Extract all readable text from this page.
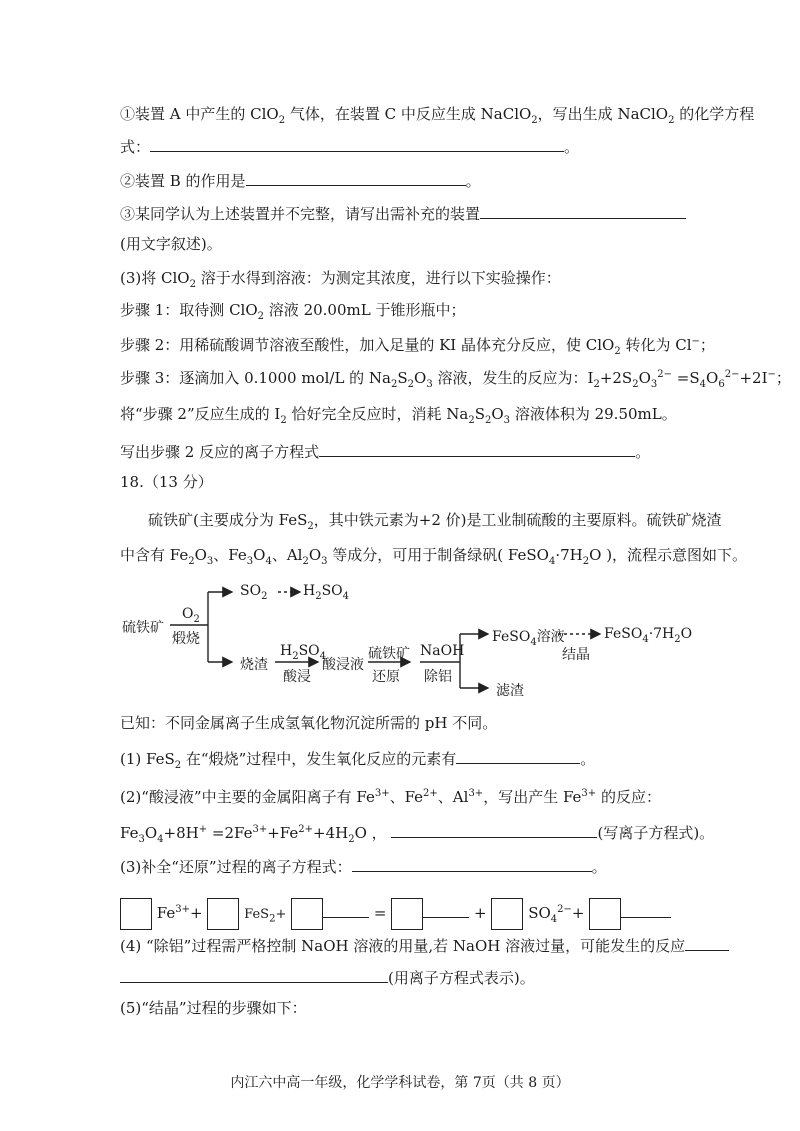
①装置 A 中产生的 ClO$_2$ 气体，在装置 C 中反应生成 NaClO$_2$，写出生成 NaClO$_2$ 的化学方程
式：	。
②装置 B 的作用是	。
③某同学认为上述装置并不完整，请写出需补充的装置
(用文字叙述)。
(3)将 ClO$_2$ 溶于水得到溶液：为测定其浓度，进行以下实验操作：
步骤 1：取待测 ClO$_2$ 溶液 20.00mL 于锥形瓶中；
步骤 2：用稀硫酸调节溶液至酸性，加入足量的 KI 晶体充分反应，使 ClO$_2$ 转化为 Cl−；
步骤 3：逐滴加入 0.1000 mol/L 的 $Na_2S_2O_3$ 溶液，发生的反应为：$I_2+2S_2O_3^{2-} =S_4O_6^{2-}+2I^-$；
将“步骤 2”反应生成的 $I_2$ 恰好完全反应时，消耗 $Na_2S_2O_3$ 溶液体积为 29.50mL。
写出步骤 2 反应的离子方程式	。
18.（13 分）
硫铁矿(主要成分为 FeS$_2$，其中铁元素为+2 价)是工业制硫酸的主要原料。硫铁矿烧渣
中含有 $Fe_2O_3$、$Fe_3O_4$、$Al_2O_3$ 等成分，可用于制备绿矾( $FeSO_4\cdot 7H_2O$ )，流程示意图如下。
硫铁矿
$O_2$
煅烧
$SO_2$	$H_2SO_4$
烧渣
$H_2SO_4$
酸浸
酸浸液
硫铁矿
还原
NaOH
除铝
FeSO$_4$溶液
结晶
$FeSO_4\cdot 7H_2O$
滤渣
已知：不同金属离子生成氢氧化物沉淀所需的 pH 不同。
(1) FeS$_2$ 在“煅烧”过程中，发生氧化反应的元素有	。
(2)“酸浸液”中主要的金属阳离子有 $Fe^{3+}$、$Fe^{2+}$、$Al^{3+}$，写出产生 $Fe^{3+}$ 的反应：
$Fe_3O_4+8H^+ =2Fe^{3+}+Fe^{2+}+4H_2O$ ，	(写离子方程式)。
(3)补全“还原”过程的离子方程式：	。
$Fe^{3+}+$	FeS$_2$+	=	+	$SO_4^{2-}+$
(4) “除铝”过程需严格控制 NaOH 溶液的用量,若 NaOH 溶液过量，可能发生的反应
(用离子方程式表示)。
(5)“结晶”过程的步骤如下：
内江六中高一年级，化学学科试卷，第 7页（共 8 页）
